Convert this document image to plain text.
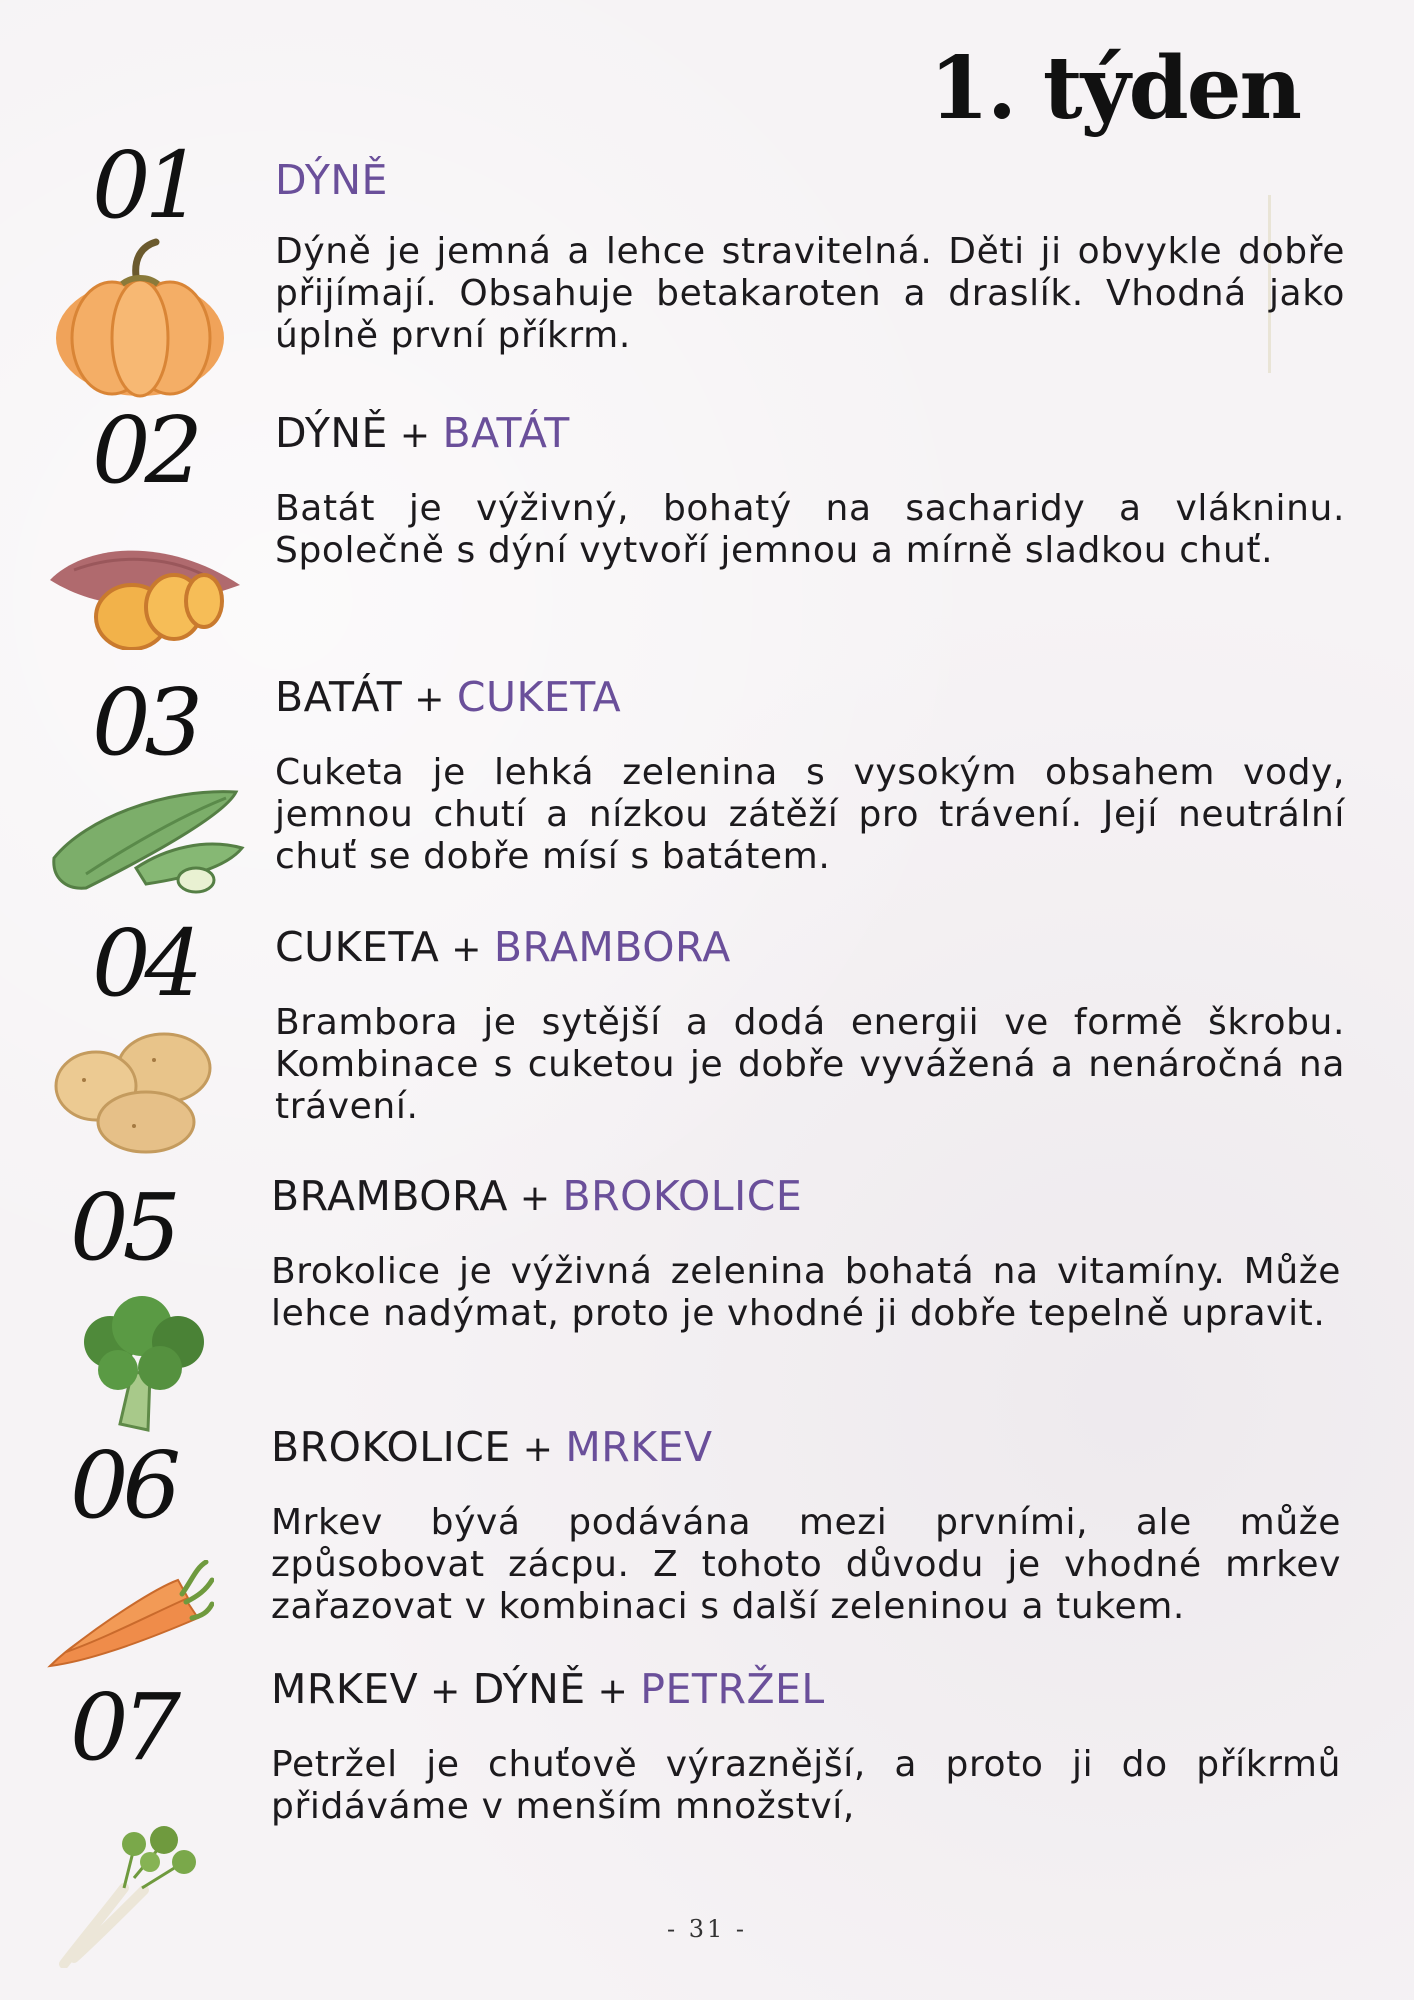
1. týden
01 DÝNĚ

Dýně je jemná a lehce stravitelná. Děti ji obvykle dobře přijímají. Obsahuje betakaroten a draslík. Vhodná jako úplně první příkrm.

02 DÝNĚ + BATÁT

Batát je výživný, bohatý na sacharidy a vlákninu. Společně s dýní vytvoří jemnou a mírně sladkou chuť.

03 BATÁT + CUKETA

Cuketa je lehká zelenina s vysokým obsahem vody, jemnou chutí a nízkou zátěží pro trávení. Její neutrální chuť se dobře mísí s batátem.

04 CUKETA + BRAMBORA

Brambora je sytější a dodá energii ve formě škrobu. Kombinace s cuketou je dobře vyvážená a nenáročná na trávení.

05 BRAMBORA + BROKOLICE

Brokolice je výživná zelenina bohatá na vitamíny. Může lehce nadýmat, proto je vhodné ji dobře tepelně upravit.

06 BROKOLICE + MRKEV

Mrkev bývá podávána mezi prvními, ale může způsobovat zácpu. Z tohoto důvodu je vhodné mrkev zařazovat v kombinaci s další zeleninou a tukem.

07 MRKEV + DÝNĚ + PETRŽEL

Petržel je chuťově výraznější, a proto ji do příkrmů přidáváme v menším množství,

- 31 -
